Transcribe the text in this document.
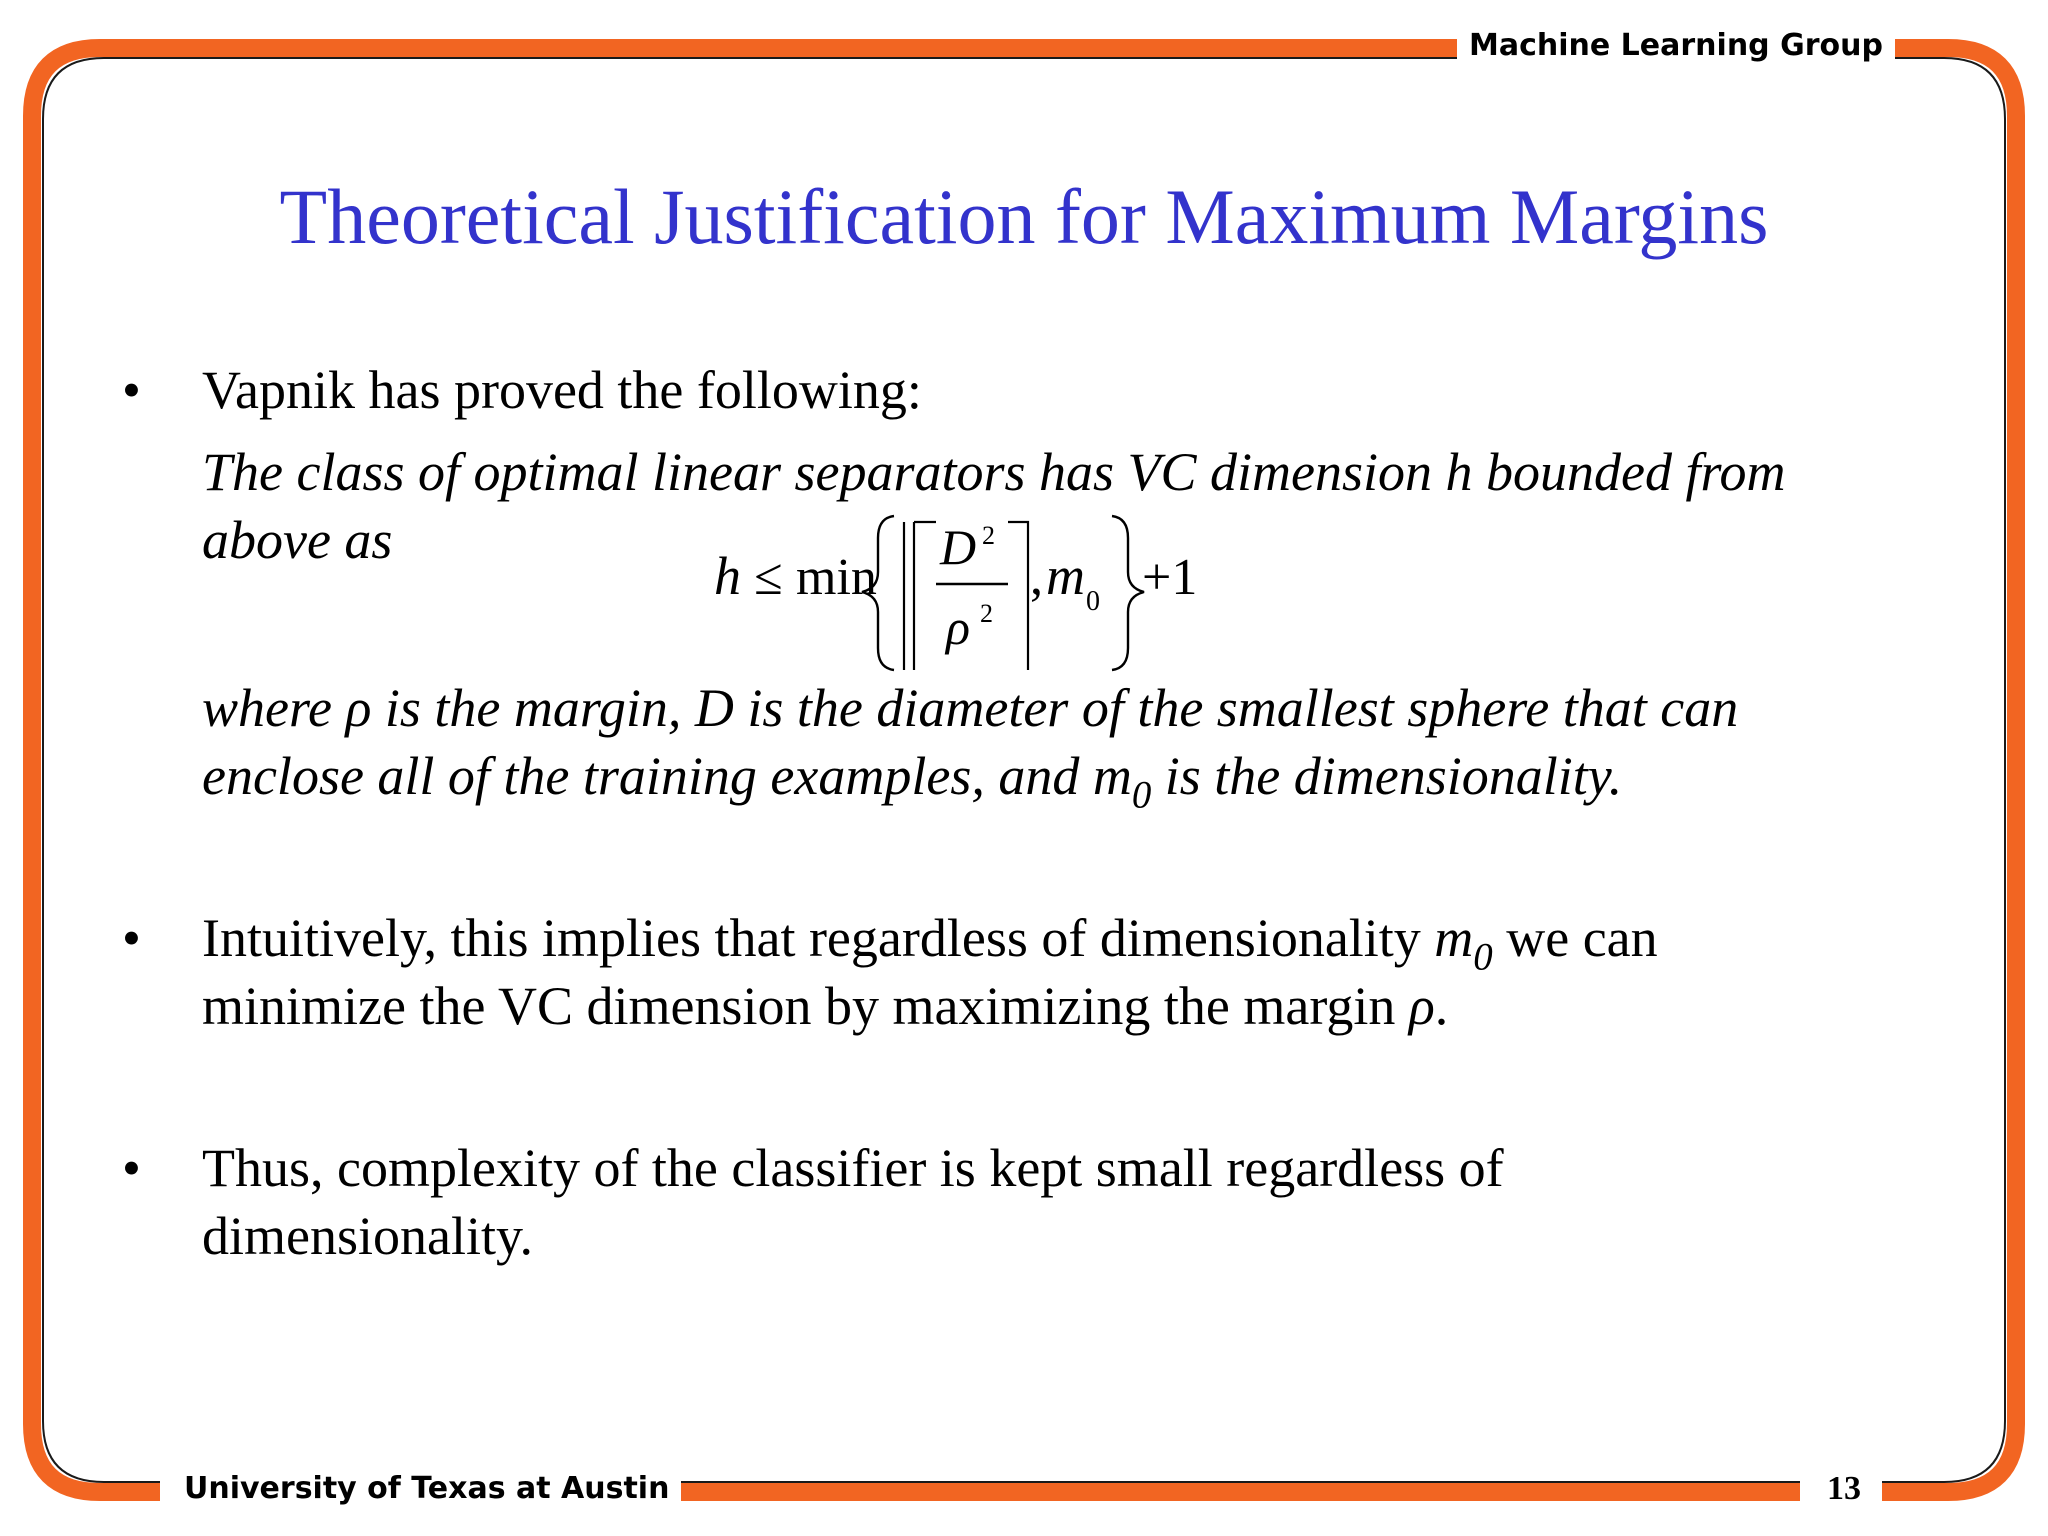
Machine Learning Group
University of Texas at Austin	13
Theoretical Justification for Maximum Margins
• Vapnik has proved the following:
The class of optimal linear separators has VC dimension h bounded from
above as
h ≤ min
D 2
ρ 2
, m 0 +1
where ρ is the margin, D is the diameter of the smallest sphere that can
enclose all of the training examples, and $m_0$ is the dimensionality.
• Intuitively, this implies that regardless of dimensionality $m_0$ we can
minimize the VC dimension by maximizing the margin ρ.
• Thus, complexity of the classifier is kept small regardless of
dimensionality.
